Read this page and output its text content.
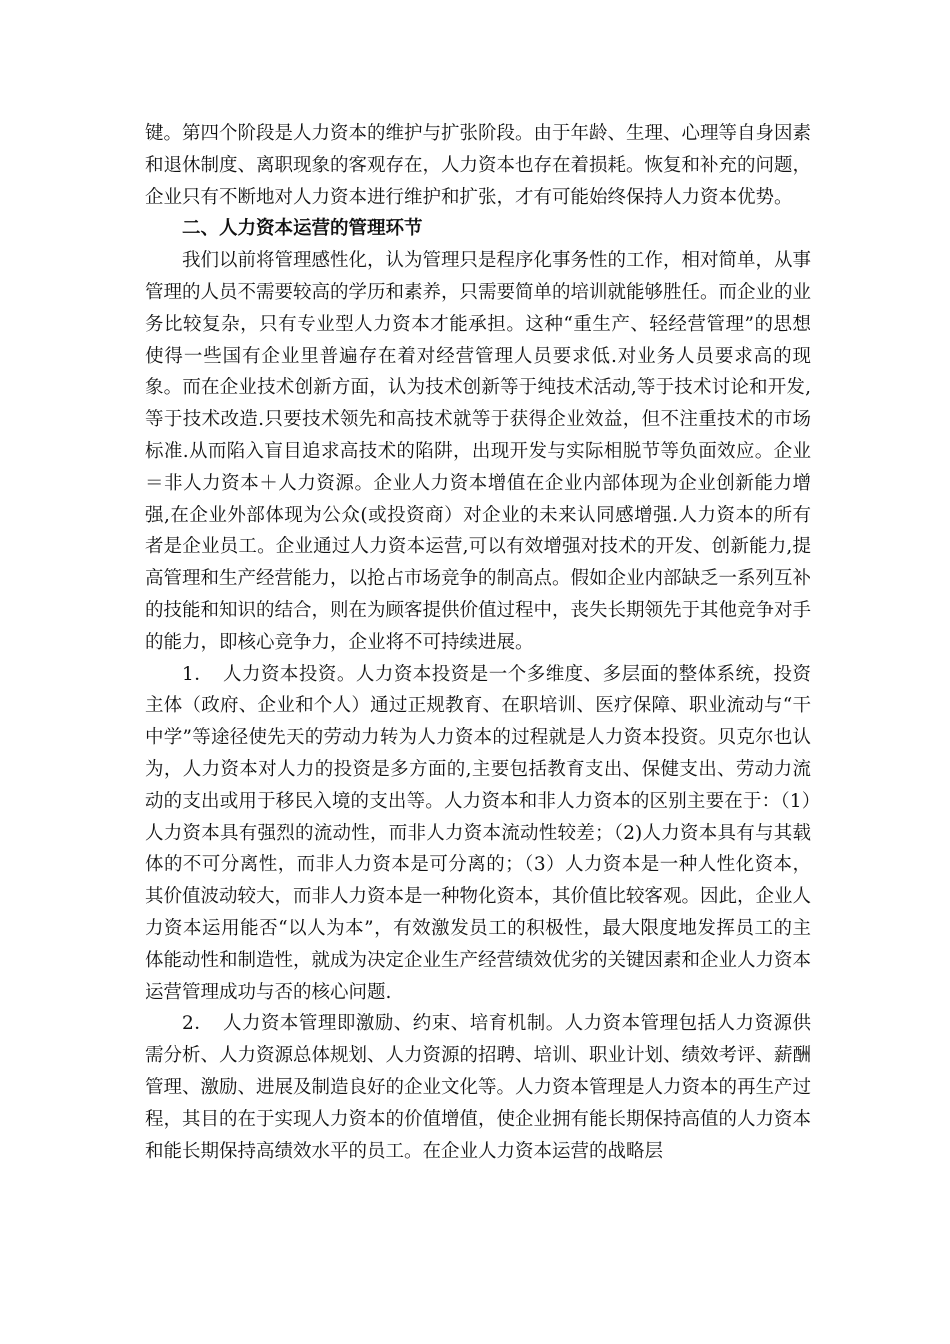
键。第四个阶段是人力资本的维护与扩张阶段。由于年龄、生理、心理等自身因素和退休制度、离职现象的客观存在，人力资本也存在着损耗。恢复和补充的问题，企业只有不断地对人力资本进行维护和扩张，才有可能始终保持人力资本优势。

二、人力资本运营的管理环节

我们以前将管理感性化，认为管理只是程序化事务性的工作，相对简单，从事管理的人员不需要较高的学历和素养，只需要简单的培训就能够胜任。而企业的业务比较复杂，只有专业型人力资本才能承担。这种“重生产、轻经营管理”的思想使得一些国有企业里普遍存在着对经营管理人员要求低.对业务人员要求高的现象。而在企业技术创新方面，认为技术创新等于纯技术活动,等于技术讨论和开发,等于技术改造.只要技术领先和高技术就等于获得企业效益，但不注重技术的市场标准.从而陷入盲目追求高技术的陷阱，出现开发与实际相脱节等负面效应。企业＝非人力资本＋人力资源。企业人力资本增值在企业内部体现为企业创新能力增强,在企业外部体现为公众(或投资商）对企业的未来认同感增强.人力资本的所有者是企业员工。企业通过人力资本运营,可以有效增强对技术的开发、创新能力,提高管理和生产经营能力，以抢占市场竞争的制高点。假如企业内部缺乏一系列互补的技能和知识的结合，则在为顾客提供价值过程中，丧失长期领先于其他竞争对手的能力，即核心竞争力，企业将不可持续进展。

1．　人力资本投资。人力资本投资是一个多维度、多层面的整体系统，投资主体（政府、企业和个人）通过正规教育、在职培训、医疗保障、职业流动与“干中学”等途径使先天的劳动力转为人力资本的过程就是人力资本投资。贝克尔也认为，人力资本对人力的投资是多方面的,主要包括教育支出、保健支出、劳动力流动的支出或用于移民入境的支出等。人力资本和非人力资本的区别主要在于：（1）人力资本具有强烈的流动性，而非人力资本流动性较差；（2)人力资本具有与其载体的不可分离性，而非人力资本是可分离的；（3）人力资本是一种人性化资本，其价值波动较大，而非人力资本是一种物化资本，其价值比较客观。因此，企业人力资本运用能否“以人为本”，有效激发员工的积极性，最大限度地发挥员工的主体能动性和制造性，就成为决定企业生产经营绩效优劣的关键因素和企业人力资本运营管理成功与否的核心问题.

2．　人力资本管理即激励、约束、培育机制。人力资本管理包括人力资源供需分析、人力资源总体规划、人力资源的招聘、培训、职业计划、绩效考评、薪酬管理、激励、进展及制造良好的企业文化等。人力资本管理是人力资本的再生产过程，其目的在于实现人力资本的价值增值，使企业拥有能长期保持高值的人力资本和能长期保持高绩效水平的员工。在企业人力资本运营的战略层
